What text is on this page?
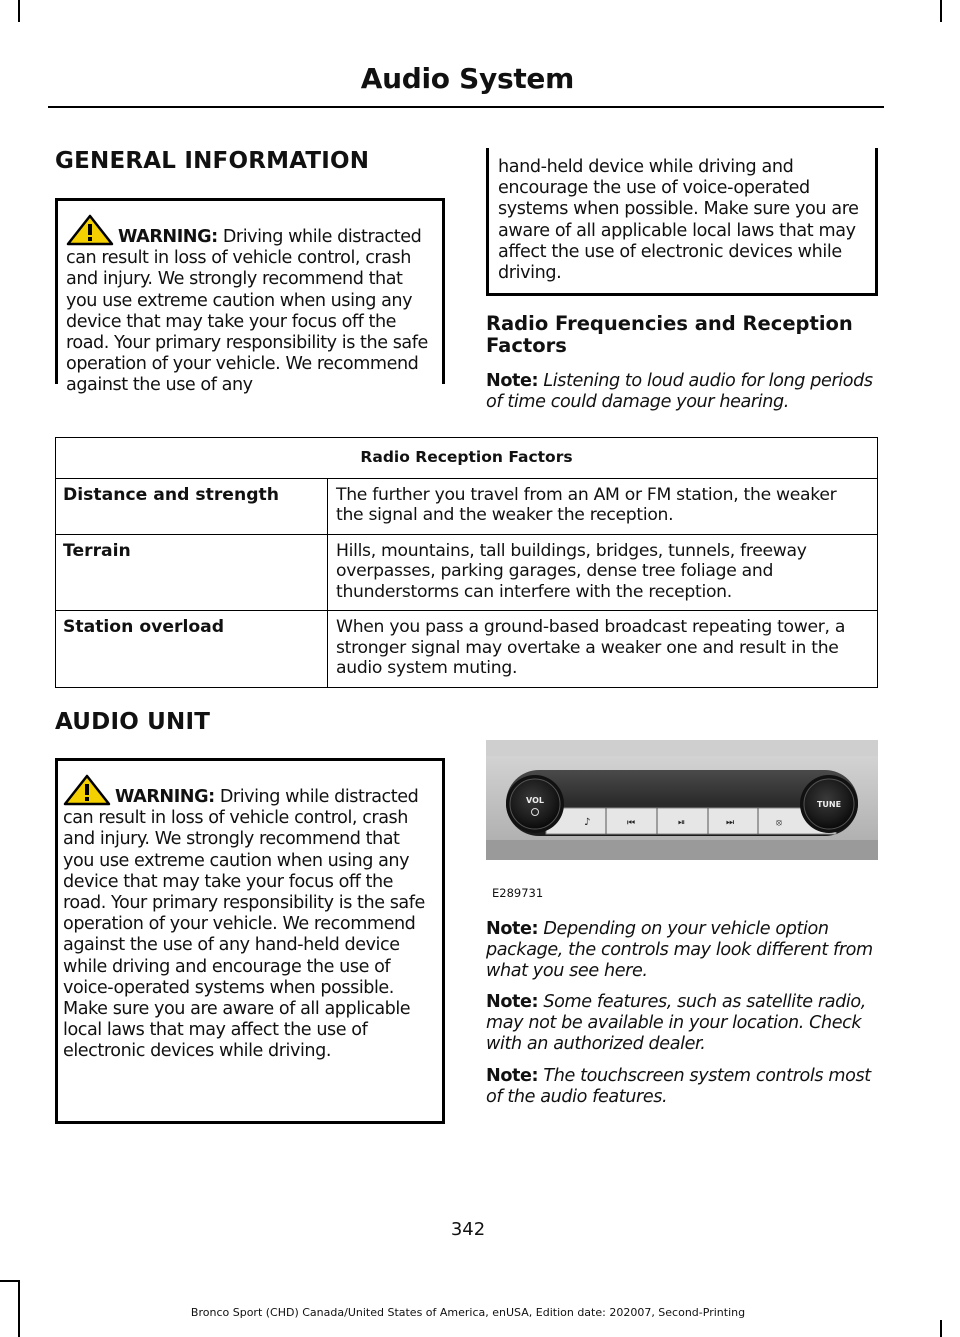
Audio System
GENERAL INFORMATION
WARNING: Driving while distracted can result in loss of vehicle control, crash and injury. We strongly recommend that you use extreme caution when using any device that may take your focus off the road. Your primary responsibility is the safe operation of your vehicle. We recommend against the use of any
hand-held device while driving and encourage the use of voice-operated systems when possible. Make sure you are aware of all applicable local laws that may affect the use of electronic devices while driving.
Radio Frequencies and Reception Factors
Note: Listening to loud audio for long periods of time could damage your hearing.
Radio Reception Factors	
Distance and strength	The further you travel from an AM or FM station, the weaker the signal and the weaker the reception.
Terrain	Hills, mountains, tall buildings, bridges, tunnels, freeway overpasses, parking garages, dense tree foliage and thunderstorms can interfere with the reception.
Station overload	When you pass a ground-based broadcast repeating tower, a stronger signal may overtake a weaker one and result in the audio system muting.
AUDIO UNIT
WARNING: Driving while distracted can result in loss of vehicle control, crash and injury. We strongly recommend that you use extreme caution when using any device that may take your focus off the road. Your primary responsibility is the safe operation of your vehicle. We recommend against the use of any hand-held device while driving and encourage the use of voice-operated systems when possible. Make sure you are aware of all applicable local laws that may affect the use of electronic devices while driving.
♪	⏮	⏯	⏭	⦻
VOL	TUNE
E289731
Note: Depending on your vehicle option package, the controls may look different from what you see here.
Note: Some features, such as satellite radio, may not be available in your location. Check with an authorized dealer.
Note: The touchscreen system controls most of the audio features.
342
Bronco Sport (CHD) Canada/United States of America, enUSA, Edition date: 202007, Second-Printing
